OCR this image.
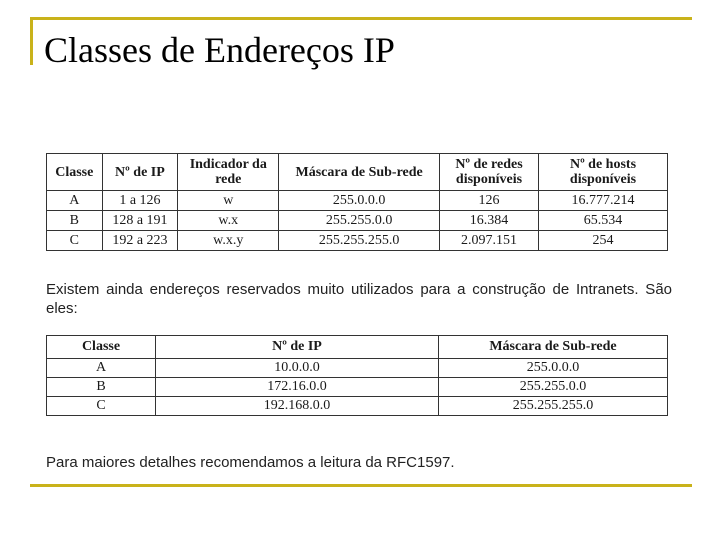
Classes de Endereços IP
Classe	Nº de IP	Indicador da rede	Máscara de Sub-rede	Nº de redes disponíveis	Nº de hosts disponíveis
A	1 a 126	w	255.0.0.0	126	16.777.214
B	128 a 191	w.x	255.255.0.0	16.384	65.534
C	192 a 223	w.x.y	255.255.255.0	2.097.151	254

Existem ainda endereços reservados muito utilizados para a construção de Intranets. São eles:

Classe	Nº de IP	Máscara de Sub-rede
A	10.0.0.0	255.0.0.0
B	172.16.0.0	255.255.0.0
C	192.168.0.0	255.255.255.0

Para maiores detalhes recomendamos a leitura da RFC1597.
